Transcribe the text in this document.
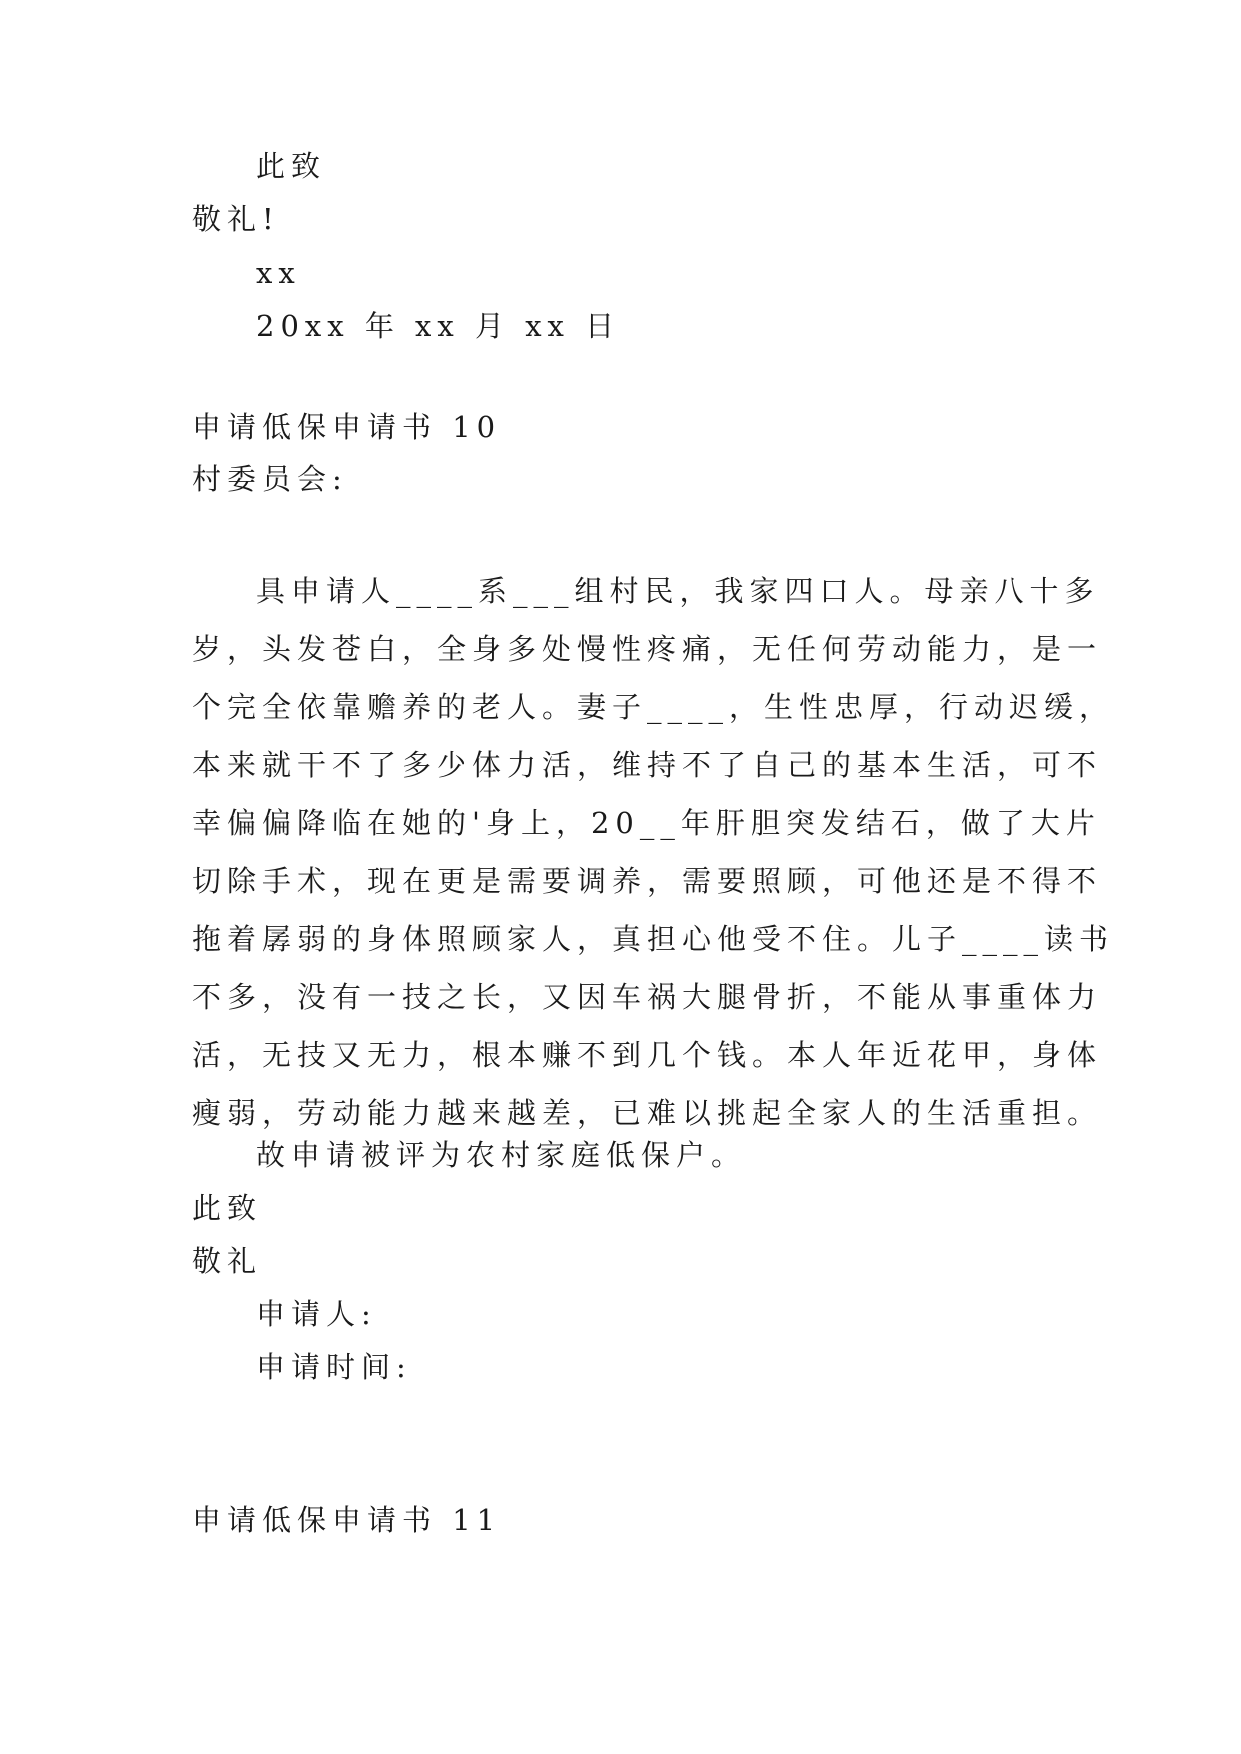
此致
敬礼!
xx
20xx 年 xx 月 xx 日
申请低保申请书 10
村委员会:
具申请人____系___组村民，我家四口人。母亲八十多
岁，头发苍白，全身多处慢性疼痛，无任何劳动能力，是一
个完全依靠赡养的老人。妻子____，生性忠厚，行动迟缓，
本来就干不了多少体力活，维持不了自己的基本生活，可不
幸偏偏降临在她的'身上，20__年肝胆突发结石，做了大片
切除手术，现在更是需要调养，需要照顾，可他还是不得不
拖着孱弱的身体照顾家人，真担心他受不住。儿子____读书
不多，没有一技之长，又因车祸大腿骨折，不能从事重体力
活，无技又无力，根本赚不到几个钱。本人年近花甲，身体
瘦弱，劳动能力越来越差，已难以挑起全家人的生活重担。
故申请被评为农村家庭低保户。
此致
敬礼
申请人:
申请时间:
申请低保申请书 11
